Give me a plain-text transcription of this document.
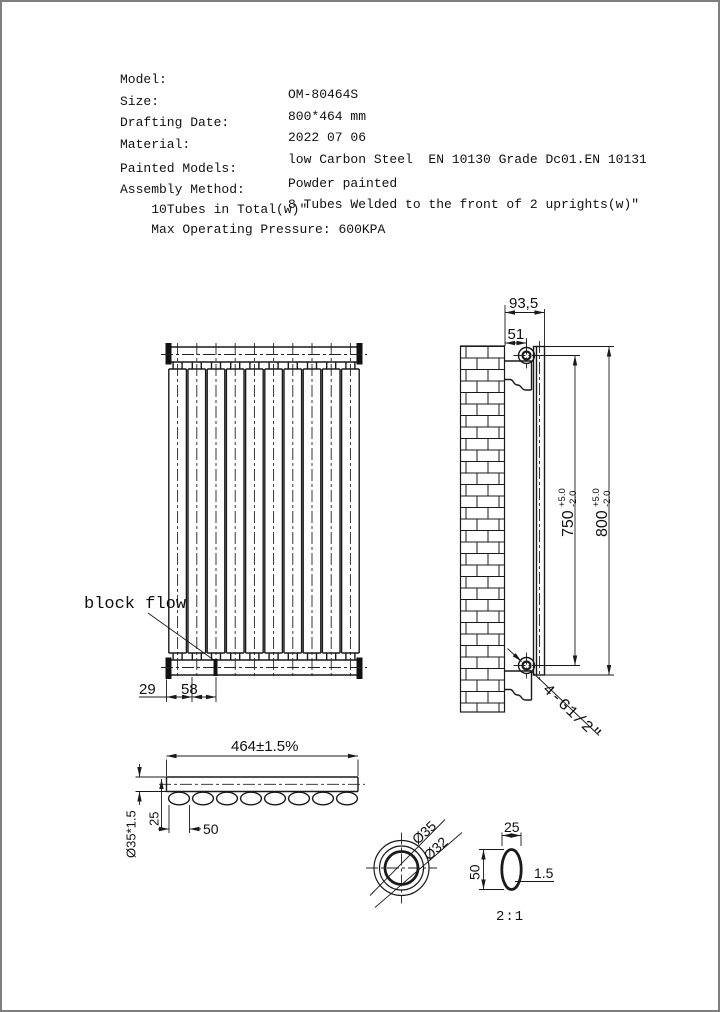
Model:

OM-80464S

Size:

800*464 mm

Drafting Date:

2022 07 06

Material:

low Carbon Steel  EN 10130 Grade Dc01.EN 10131

Painted Models:

Powder painted

Assembly Method:

8 Tubes Welded to the front of 2 uprights(w)″

10Tubes in Total(w)″

Max Operating Pressure: 600KPA

block flow
29 58
93,5
51
750
+5.0 -2.0
800
+5.0 -2.0
4-G1/2″
464±1.5%
Ø35*1.5 25
50	Ø35
Ø32
25
50	1.5
2:1
